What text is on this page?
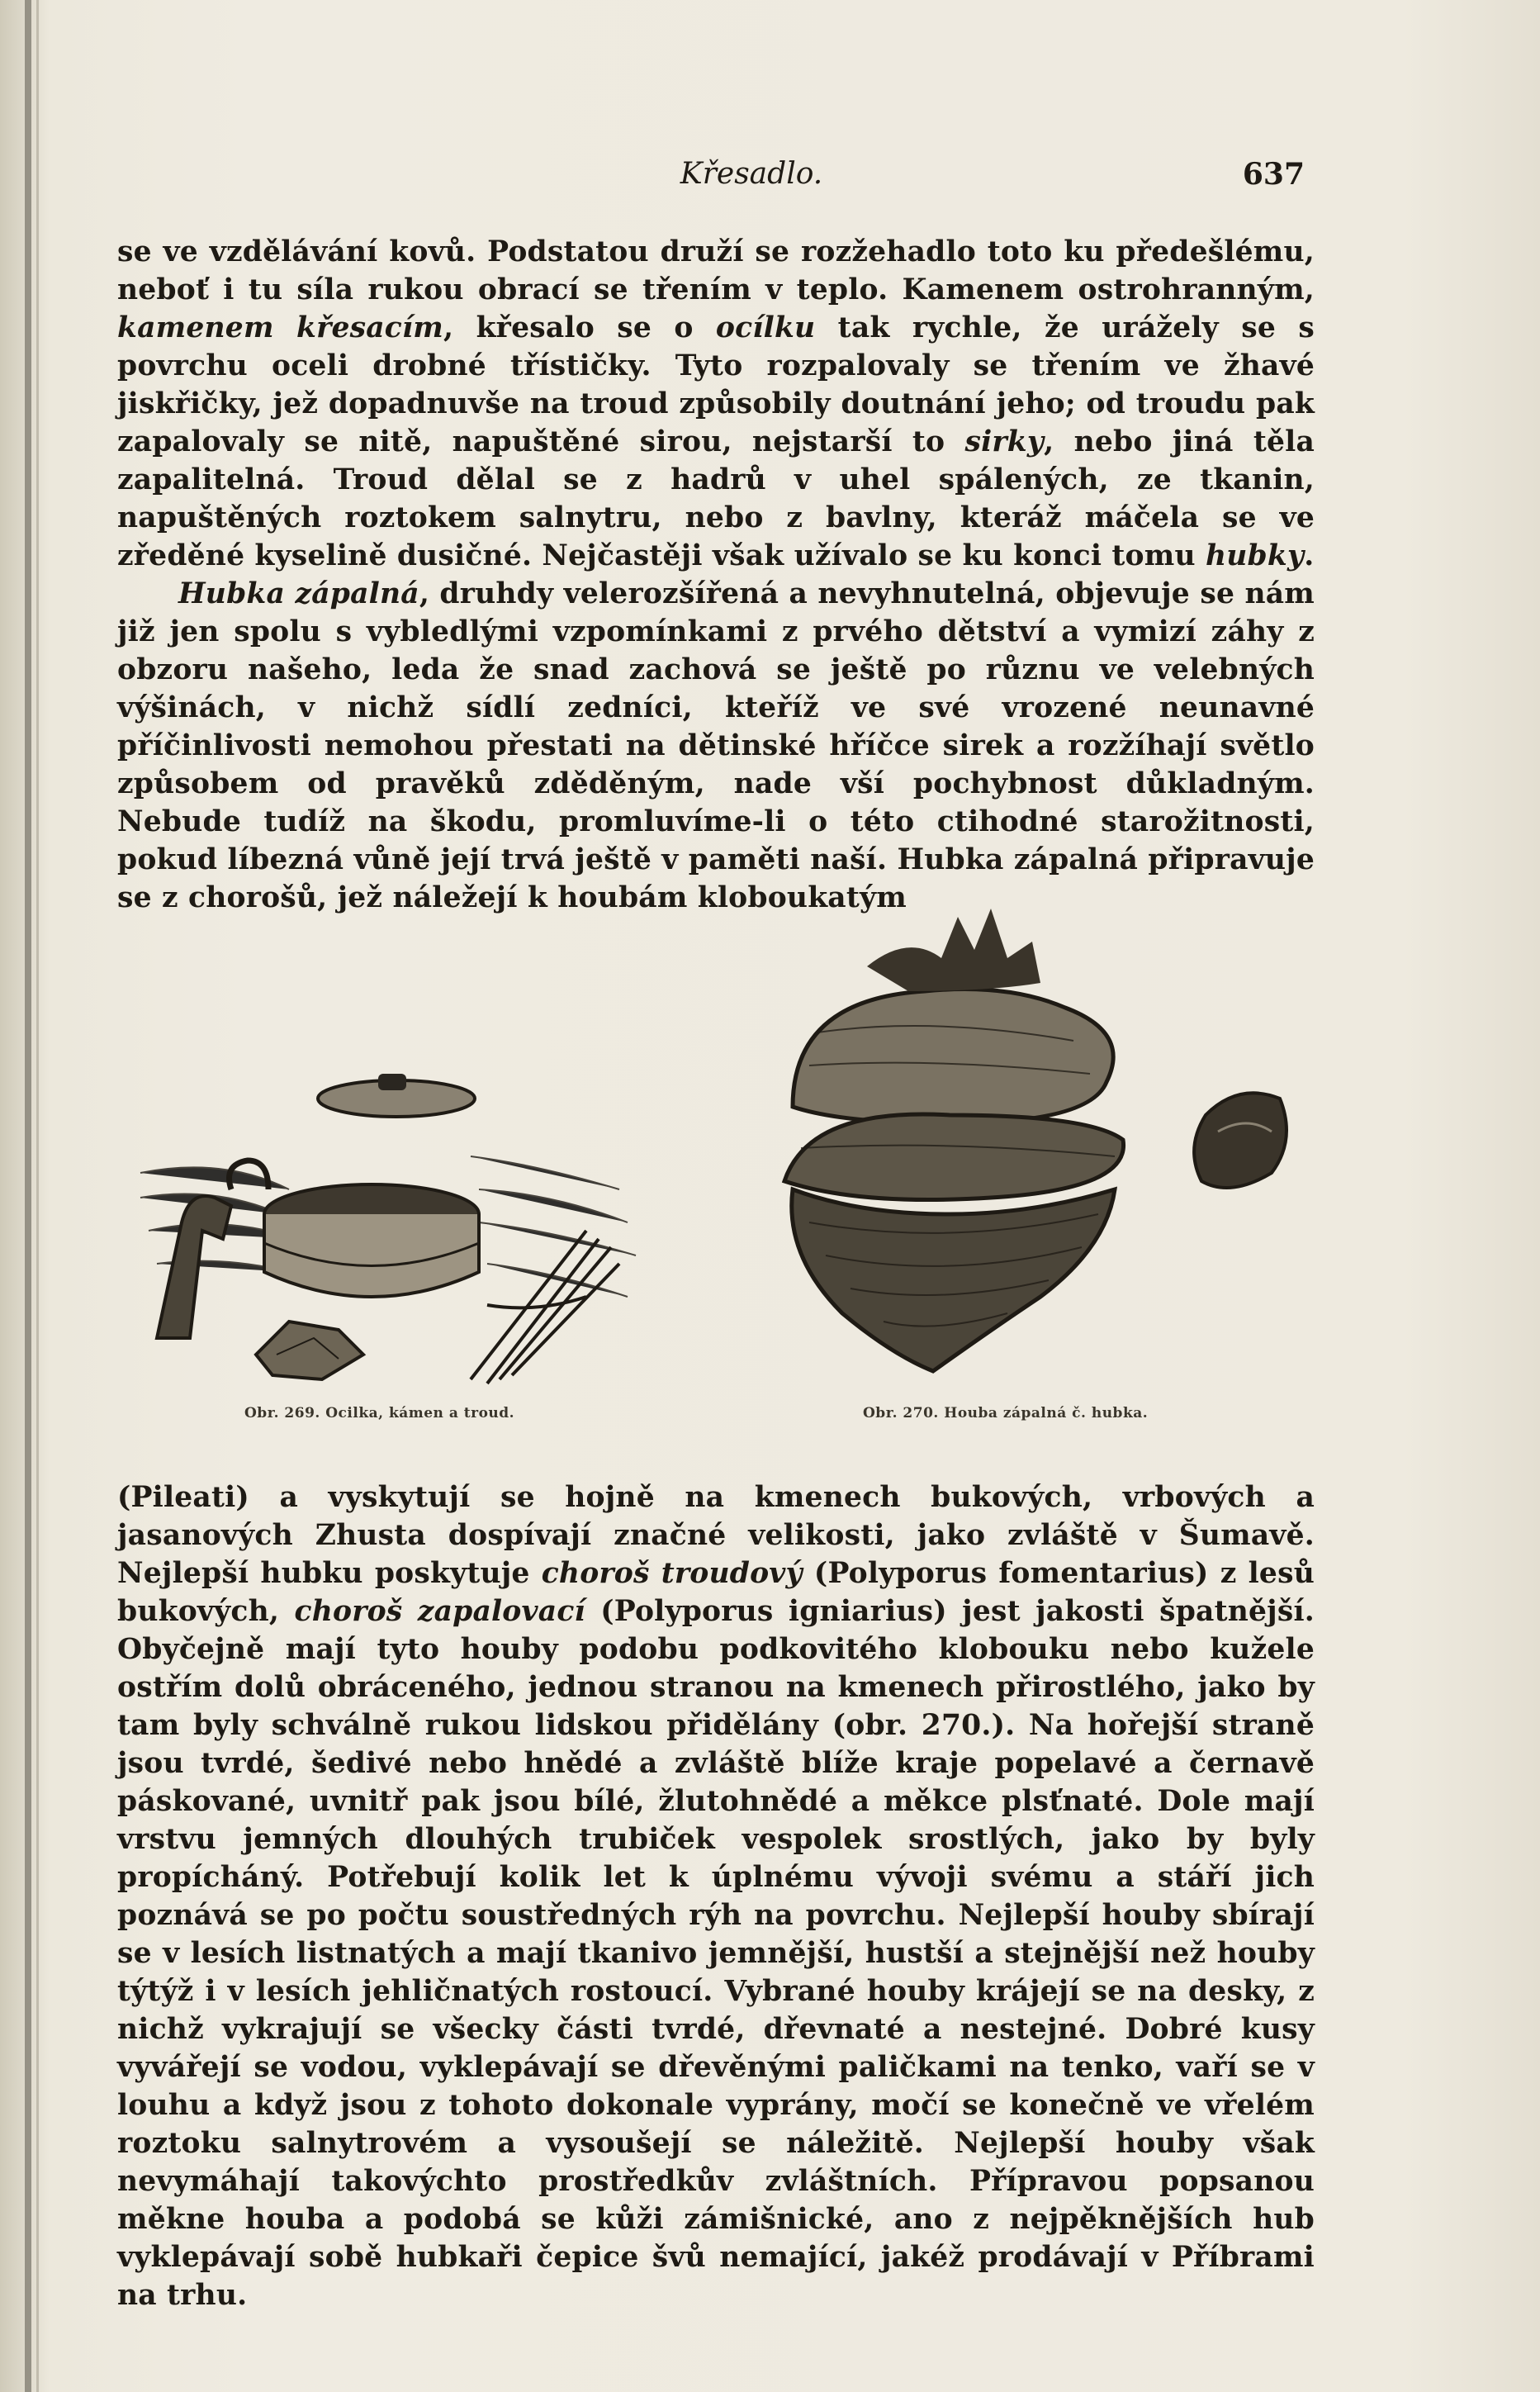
Křesadlo.	637

se ve vzdělávání kovů. Podstatou druží se rozžehadlo toto ku předešlému, neboť i tu síla rukou obrací se třením v teplo. Kamenem ostrohranným, kamenem křesacím, křesalo se o ocílku tak rychle, že urážely se s povrchu oceli drobné třístičky. Tyto rozpalovaly se třením ve žhavé jiskřičky, jež dopadnuvše na troud způsobily doutnání jeho; od troudu pak zapalovaly se nitě, napuštěné sirou, nejstarší to sirky, nebo jiná těla zapalitelná. Troud dělal se z hadrů v uhel spálených, ze tkanin, napuštěných roztokem salnytru, nebo z bavlny, kteráž máčela se ve zředěné kyselině dusičné. Nejčastěji však užívalo se ku konci tomu hubky.

Hubka zápalná, druhdy velerozšířená a nevyhnutelná, objevuje se nám již jen spolu s vybledlými vzpomínkami z prvého dětství a vymizí záhy z obzoru našeho, leda že snad zachová se ještě po různu ve velebných výšinách, v nichž sídlí zedníci, kteříž ve své vrozené neunavné příčinlivosti nemohou přestati na dětinské hříčce sirek a rozžíhají světlo způsobem od pravěků zděděným, nade vší pochybnost důkladným. Nebude tudíž na škodu, promluvíme-li o této ctihodné starožitnosti, pokud líbezná vůně její trvá ještě v paměti naší. Hubka zápalná připravuje se z chorošů, jež náležejí k houbám kloboukatým

Obr. 269. Ocilka, kámen a troud.	Obr. 270. Houba zápalná č. hubka.

(Pileati) a vyskytují se hojně na kmenech bukových, vrbových a jasanových Zhusta dospívají značné velikosti, jako zvláště v Šumavě. Nejlepší hubku poskytuje choroš troudový (Polyporus fomentarius) z lesů bukových, choroš zapalovací (Polyporus igniarius) jest jakosti špatnější. Obyčejně mají tyto houby podobu podkovitého klobouku nebo kužele ostřím dolů obráceného, jednou stranou na kmenech přirostlého, jako by tam byly schválně rukou lidskou přidělány (obr. 270.). Na hořejší straně jsou tvrdé, šedivé nebo hnědé a zvláště blíže kraje popelavé a černavě páskované, uvnitř pak jsou bílé, žlutohnědé a měkce plsťnaté. Dole mají vrstvu jemných dlouhých trubiček vespolek srostlých, jako by byly propícháný. Potřebují kolik let k úplnému vývoji svému a stáří jich poznává se po počtu soustředných rýh na povrchu. Nejlepší houby sbírají se v lesích listnatých a mají tkanivo jemnější, hustší a stejnější než houby týtýž i v lesích jehličnatých rostoucí. Vybrané houby krájejí se na desky, z nichž vykrajují se všecky části tvrdé, dřevnaté a nestejné. Dobré kusy vyvářejí se vodou, vyklepávají se dřevěnými paličkami na tenko, vaří se v louhu a když jsou z tohoto dokonale vyprány, močí se konečně ve vřelém roztoku salnytrovém a vysoušejí se náležitě. Nejlepší houby však nevymáhají takovýchto prostředkův zvláštních. Přípravou popsanou měkne houba a podobá se kůži zámišnické, ano z nejpěknějších hub vyklepávají sobě hubkaři čepice švů nemající, jakéž prodávají v Příbrami na trhu.
